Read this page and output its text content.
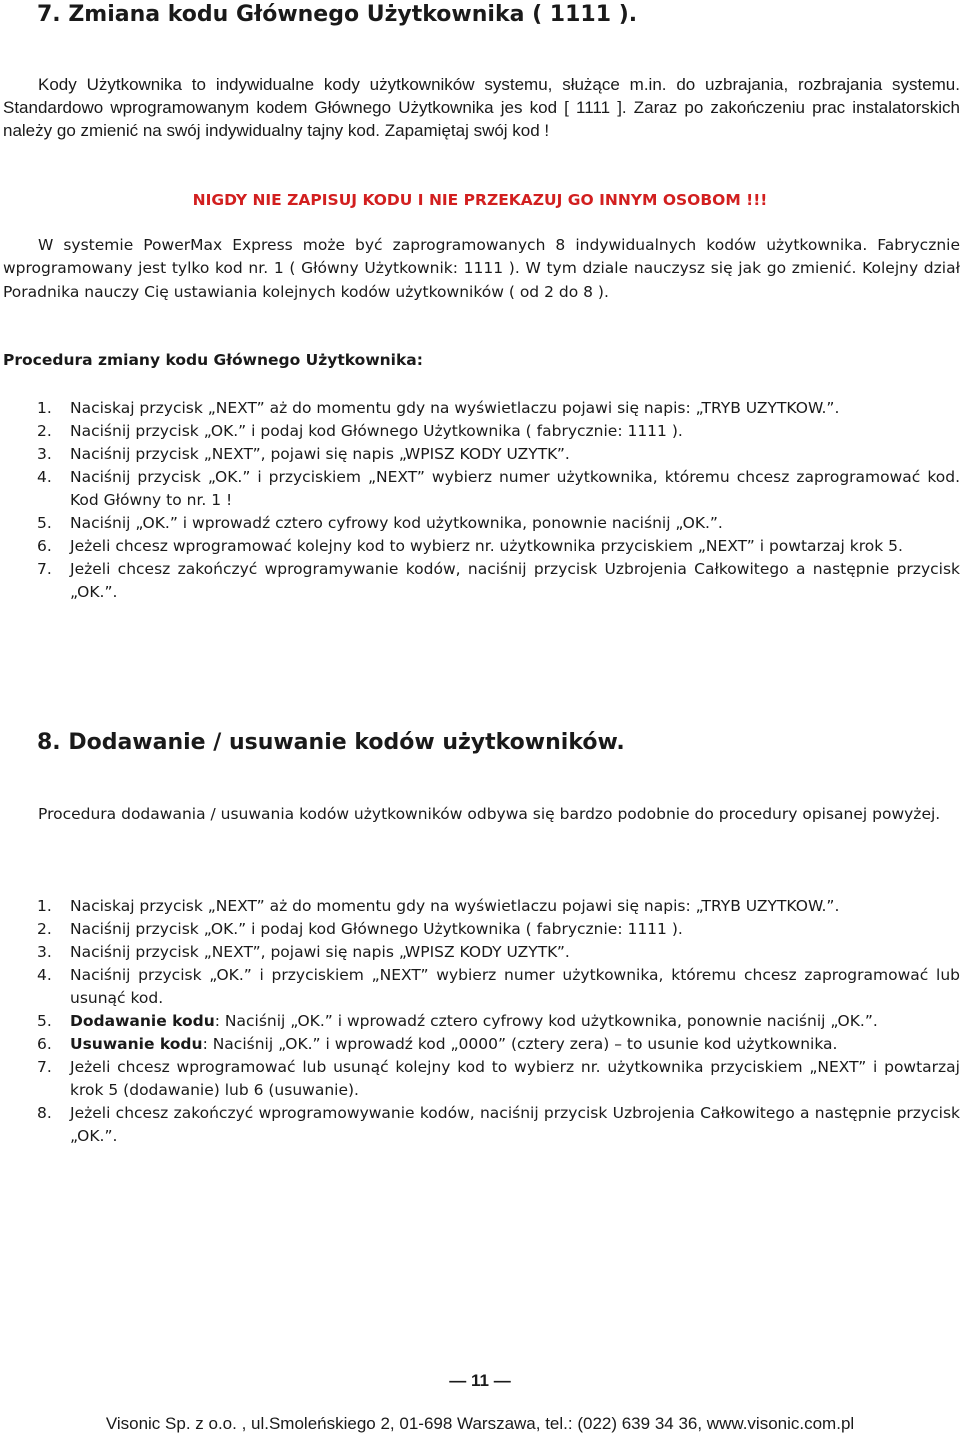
7. Zmiana kodu Głównego Użytkownika ( 1111 ).
Kody Użytkownika to indywidualne kody użytkowników systemu, służące m.in. do uzbrajania, rozbrajania systemu. Standardowo wprogramowanym kodem Głównego Użytkownika jes kod [ 1111 ]. Zaraz po zakończeniu prac instalatorskich należy go zmienić na swój indywidualny tajny kod. Zapamiętaj swój kod !
NIGDY NIE ZAPISUJ KODU I NIE PRZEKAZUJ GO INNYM OSOBOM !!!
W systemie PowerMax Express może być zaprogramowanych 8 indywidualnych kodów użytkownika. Fabrycznie wprogramowany jest tylko kod nr. 1 ( Główny Użytkownik: 1111 ). W tym dziale nauczysz się jak go zmienić. Kolejny dział Poradnika nauczy Cię ustawiania kolejnych kodów użytkowników ( od 2 do 8 ).
Procedura zmiany kodu Głównego Użytkownika:
1. Naciskaj przycisk „NEXT” aż do momentu gdy na wyświetlaczu pojawi się napis: „TRYB UZYTKOW.”.
2. Naciśnij przycisk „OK.” i podaj kod Głównego Użytkownika ( fabrycznie: 1111 ).
3. Naciśnij przycisk „NEXT”, pojawi się napis „WPISZ KODY UZYTK”.
4. Naciśnij przycisk „OK.” i przyciskiem „NEXT” wybierz numer użytkownika, któremu chcesz zaprogramować kod. Kod Główny to nr. 1 !
5. Naciśnij „OK.” i wprowadź cztero cyfrowy kod użytkownika, ponownie naciśnij „OK.”.
6. Jeżeli chcesz wprogramować kolejny kod to wybierz nr. użytkownika przyciskiem „NEXT” i powtarzaj krok 5.
7. Jeżeli chcesz zakończyć wprogramywanie kodów, naciśnij przycisk Uzbrojenia Całkowitego a następnie przycisk „OK.”.
8. Dodawanie / usuwanie kodów użytkowników.
Procedura dodawania / usuwania kodów użytkowników odbywa się bardzo podobnie do procedury opisanej powyżej.
1. Naciskaj przycisk „NEXT” aż do momentu gdy na wyświetlaczu pojawi się napis: „TRYB UZYTKOW.”.
2. Naciśnij przycisk „OK.” i podaj kod Głównego Użytkownika ( fabrycznie: 1111 ).
3. Naciśnij przycisk „NEXT”, pojawi się napis „WPISZ KODY UZYTK”.
4. Naciśnij przycisk „OK.” i przyciskiem „NEXT” wybierz numer użytkownika, któremu chcesz zaprogramować lub usunąć kod.
5. Dodawanie kodu: Naciśnij „OK.” i wprowadź cztero cyfrowy kod użytkownika, ponownie naciśnij „OK.”.
6. Usuwanie kodu: Naciśnij „OK.” i wprowadź kod „0000” (cztery zera) – to usunie kod użytkownika.
7. Jeżeli chcesz wprogramować lub usunąć kolejny kod to wybierz nr. użytkownika przyciskiem „NEXT” i powtarzaj krok 5 (dodawanie) lub 6 (usuwanie).
8. Jeżeli chcesz zakończyć wprogramowywanie kodów, naciśnij przycisk Uzbrojenia Całkowitego a następnie przycisk „OK.”.
— 11 —
Visonic Sp. z o.o. , ul.Smoleńskiego 2, 01-698 Warszawa, tel.: (022) 639 34 36, www.visonic.com.pl
